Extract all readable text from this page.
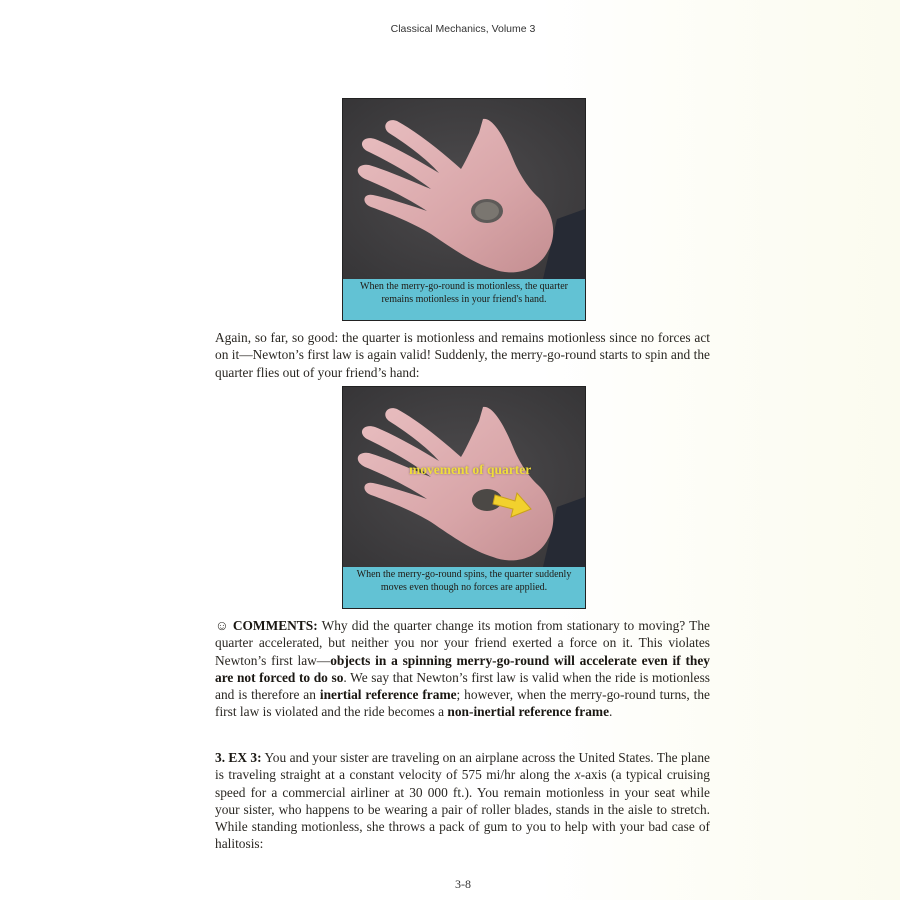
Classical Mechanics, Volume 3
When the merry-go-round is motionless, the quarter remains motionless in your friend's hand.

Again, so far, so good: the quarter is motionless and remains motionless since no forces act on it—Newton’s first law is again valid! Suddenly, the merry-go-round starts to spin and the quarter flies out of your friend’s hand:

movement of quarter
When the merry-go-round spins, the quarter suddenly moves even though no forces are applied.

☺ COMMENTS: Why did the quarter change its motion from stationary to moving? The quarter accelerated, but neither you nor your friend exerted a force on it. This violates Newton’s first law—objects in a spinning merry-go-round will accelerate even if they are not forced to do so. We say that Newton’s first law is valid when the ride is motionless and is therefore an inertial reference frame; however, when the merry-go-round turns, the first law is violated and the ride becomes a non-inertial reference frame.

3. EX 3: You and your sister are traveling on an airplane across the United States. The plane is traveling straight at a constant velocity of 575 mi/hr along the x-axis (a typical cruising speed for a commercial airliner at 30 000 ft.). You remain motionless in your seat while your sister, who happens to be wearing a pair of roller blades, stands in the aisle to stretch. While standing motionless, she throws a pack of gum to you to help with your bad case of halitosis:

3-8
